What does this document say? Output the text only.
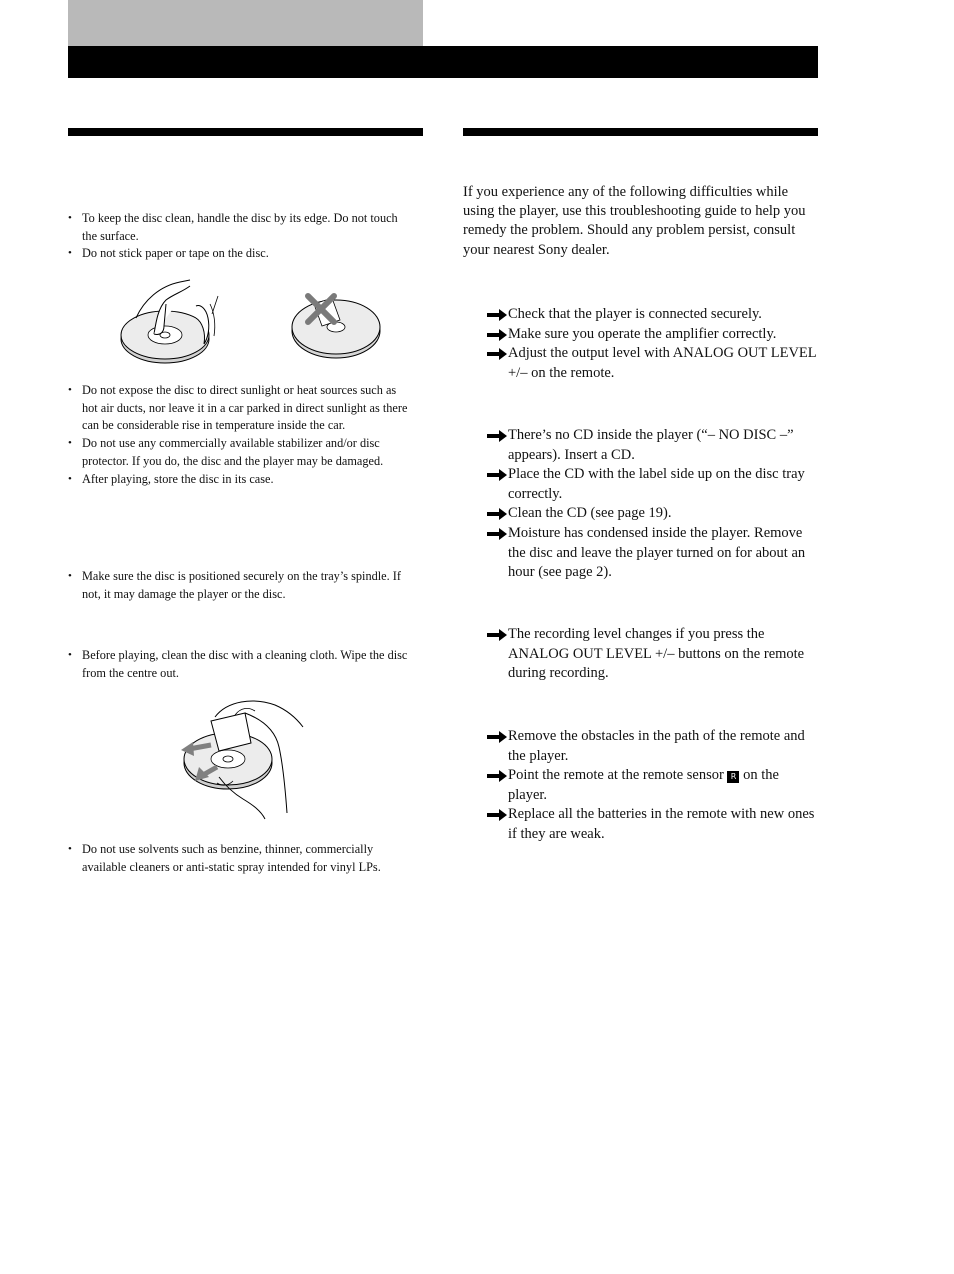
• To keep the disc clean, handle the disc by its edge. Do not touch the surface.
• Do not stick paper or tape on the disc.
• Do not expose the disc to direct sunlight or heat sources such as hot air ducts, nor leave it in a car parked in direct sunlight as there can be considerable rise in temperature inside the car.
• Do not use any commercially available stabilizer and/or disc protector. If you do, the disc and the player may be damaged.
• After playing, store the disc in its case.
• Make sure the disc is positioned securely on the tray’s spindle. If not, it may damage the player or the disc.
• Before playing, clean the disc with a cleaning cloth. Wipe the disc from the centre out.
• Do not use solvents such as benzine, thinner, commercially available cleaners or anti-static spray intended for vinyl LPs.
If you experience any of the following difficulties while using the player, use this troubleshooting guide to help you remedy the problem. Should any problem persist, consult your nearest Sony dealer.
Check that the player is connected securely.
Make sure you operate the amplifier correctly.
Adjust the output level with ANALOG OUT LEVEL +/– on the remote.
There’s no CD inside the player (“– NO DISC –” appears). Insert a CD.
Place the CD with the label side up on the disc tray correctly.
Clean the CD (see page 19).
Moisture has condensed inside the player. Remove the disc and leave the player turned on for about an hour (see page 2).
The recording level changes if you press the ANALOG OUT LEVEL +/– buttons on the remote during recording.
Remove the obstacles in the path of the remote and the player.
Point the remote at the remote sensor R on the player.
Replace all the batteries in the remote with new ones if they are weak.
